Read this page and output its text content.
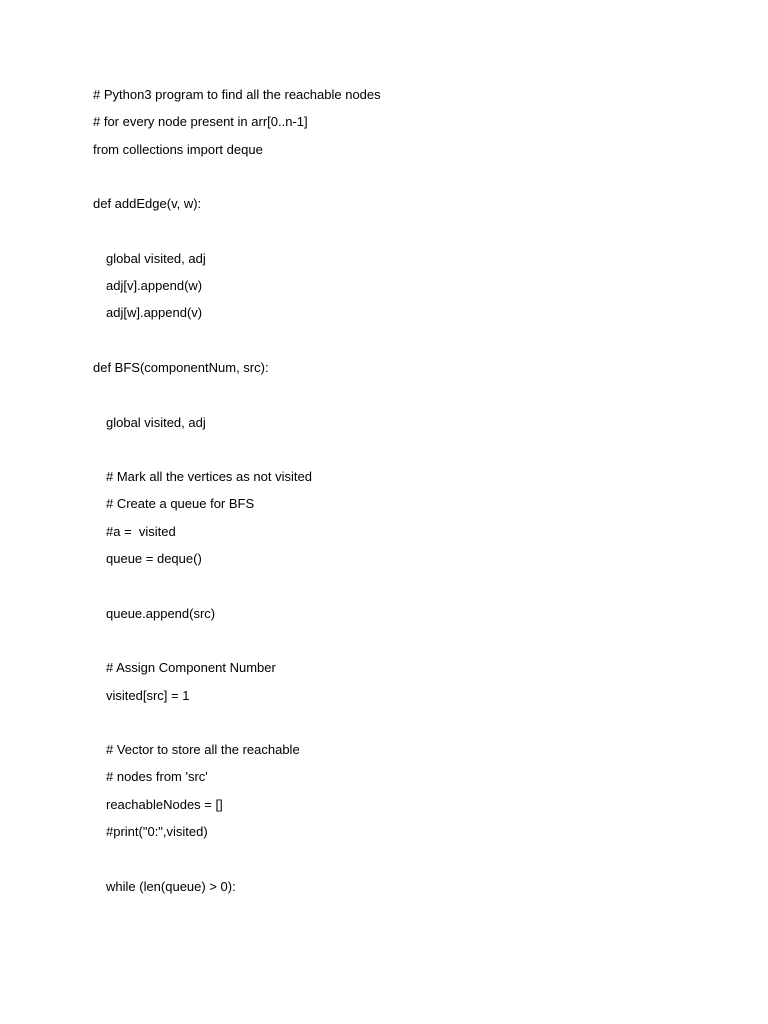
# Python3 program to find all the reachable nodes
# for every node present in arr[0..n-1]
from collections import deque
def addEdge(v, w):
global visited, adj
adj[v].append(w)
adj[w].append(v)
def BFS(componentNum, src):
global visited, adj
# Mark all the vertices as not visited
# Create a queue for BFS
#a =  visited
queue = deque()
queue.append(src)
# Assign Component Number
visited[src] = 1
# Vector to store all the reachable
# nodes from 'src'
reachableNodes = []
#print("0:",visited)
while (len(queue) > 0):
